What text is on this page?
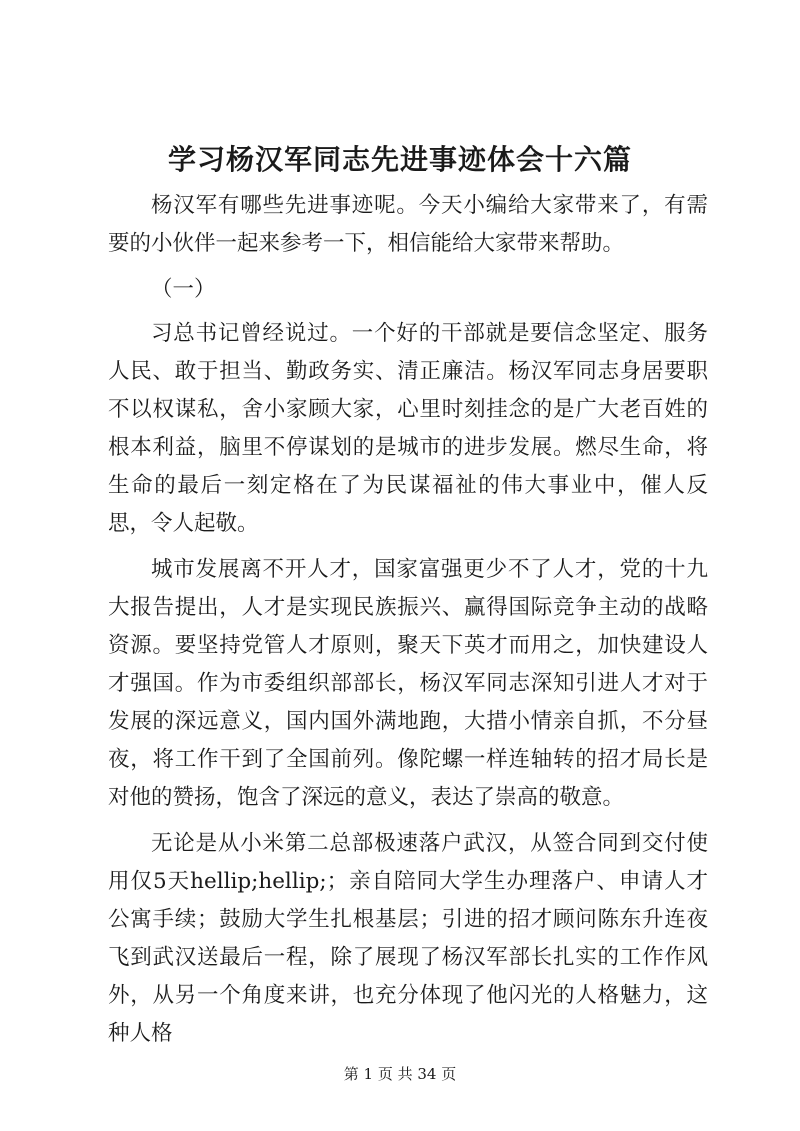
学习杨汉军同志先进事迹体会十六篇

杨汉军有哪些先进事迹呢。今天小编给大家带来了，有需要的小伙伴一起来参考一下，相信能给大家带来帮助。

（一）

习总书记曾经说过。一个好的干部就是要信念坚定、服务人民、敢于担当、勤政务实、清正廉洁。杨汉军同志身居要职不以权谋私，舍小家顾大家，心里时刻挂念的是广大老百姓的根本利益，脑里不停谋划的是城市的进步发展。燃尽生命，将生命的最后一刻定格在了为民谋福祉的伟大事业中，催人反思，令人起敬。

城市发展离不开人才，国家富强更少不了人才，党的十九大报告提出，人才是实现民族振兴、赢得国际竞争主动的战略资源。要坚持党管人才原则，聚天下英才而用之，加快建设人才强国。作为市委组织部部长，杨汉军同志深知引进人才对于发展的深远意义，国内国外满地跑，大措小情亲自抓，不分昼夜，将工作干到了全国前列。像陀螺一样连轴转的招才局长是对他的赞扬，饱含了深远的意义，表达了崇高的敬意。

无论是从小米第二总部极速落户武汉，从签合同到交付使用仅5天hellip;hellip;；亲自陪同大学生办理落户、申请人才公寓手续；鼓励大学生扎根基层；引进的招才顾问陈东升连夜飞到武汉送最后一程，除了展现了杨汉军部长扎实的工作作风外，从另一个角度来讲，也充分体现了他闪光的人格魅力，这种人格

第 1 页 共 34 页
